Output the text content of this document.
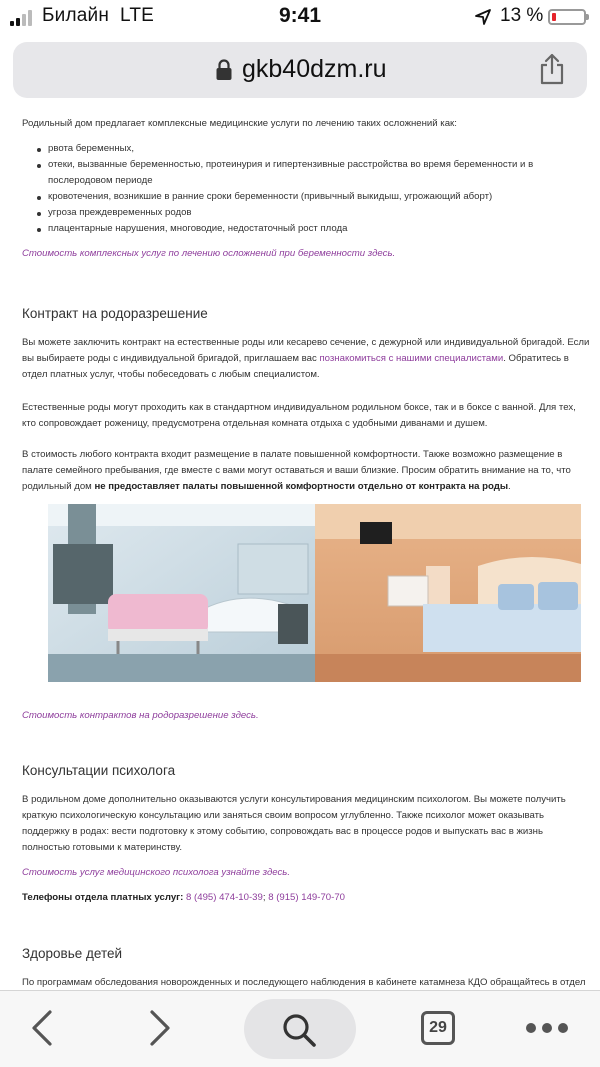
Билайн LTE	9:41	13 %
gkb40dzm.ru
Родильный дом предлагает комплексные медицинские услуги по лечению таких осложнений как:
рвота беременных,
отеки, вызванные беременностью, протеинурия и гипертензивные расстройства во время беременности и в
послеродовом периоде
кровотечения, возникшие в ранние сроки беременности (привычный выкидыш, угрожающий аборт)
угроза преждевременных родов
плацентарные нарушения, многоводие, недостаточный рост плода
Стоимость комплексных услуг по лечению осложнений при беременности здесь.
Контракт на родоразрешение
Вы можете заключить контракт на естественные роды или кесарево сечение, с дежурной или индивидуальной бригадой. Если
вы выбираете роды с индивидуальной бригадой, приглашаем вас познакомиться с нашими специалистами. Обратитесь в
отдел платных услуг, чтобы побеседовать с любым специалистом.
Естественные роды могут проходить как в стандартном индивидуальном родильном боксе, так и в боксе с ванной. Для тех,
кто сопровождает роженицу, предусмотрена отдельная комната отдыха с удобными диванами и душем.
В стоимость любого контракта входит размещение в палате повышенной комфортности. Также возможно размещение в
палате семейного пребывания, где вместе с вами могут оставаться и ваши близкие. Просим обратить внимание на то, что
родильный дом не предоставляет палаты повышенной комфортности отдельно от контракта на роды.
Стоимость контрактов на родоразрешение здесь.
Консультации психолога
В родильном доме дополнительно оказываются услуги консультирования медицинским психологом. Вы можете получить
краткую психологическую консультацию или заняться своим вопросом углубленно. Также психолог может оказывать
поддержку в родах: вести подготовку к этому событию, сопровождать вас в процессе родов и выпускать вас в жизнь
полностью готовыми к материнству.
Стоимость услуг медицинского психолога узнайте здесь.
Телефоны отдела платных услуг: 8 (495) 474-10-39; 8 (915) 149-70-70
Здоровье детей
По программам обследования новорожденных и последующего наблюдения в кабинете катамнеза КДО обращайтесь в отдел
29
